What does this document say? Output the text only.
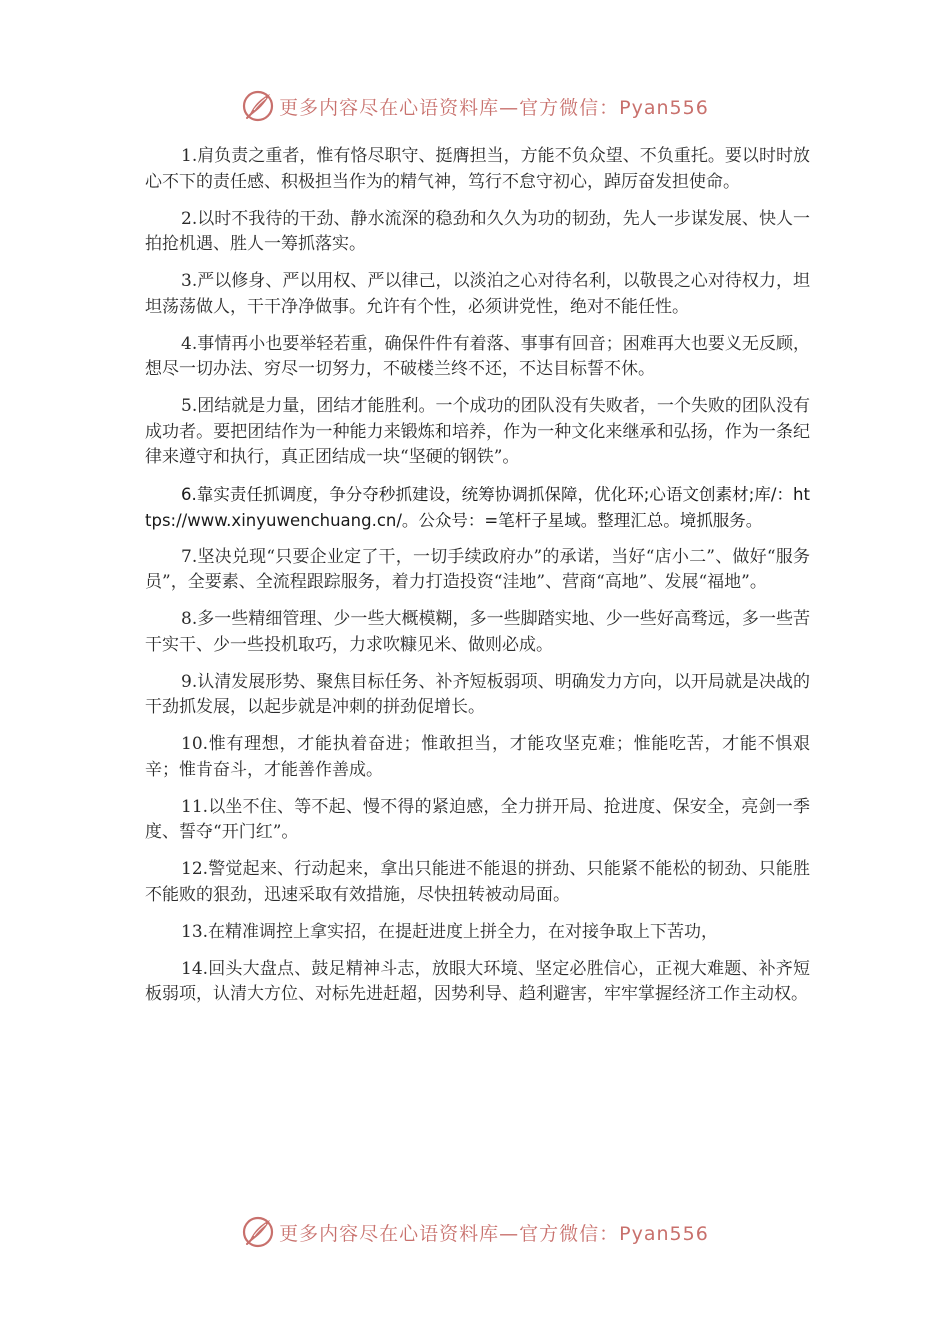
更多内容尽在心语资料库—官方微信：Pyan556

1.肩负责之重者，惟有恪尽职守、挺膺担当，方能不负众望、不负重托。要以时时放心不下的责任感、积极担当作为的精气神，笃行不怠守初心，踔厉奋发担使命。

2.以时不我待的干劲、静水流深的稳劲和久久为功的韧劲，先人一步谋发展、快人一拍抢机遇、胜人一筹抓落实。

3.严以修身、严以用权、严以律己，以淡泊之心对待名利，以敬畏之心对待权力，坦坦荡荡做人，干干净净做事。允许有个性，必须讲党性，绝对不能任性。

4.事情再小也要举轻若重，确保件件有着落、事事有回音；困难再大也要义无反顾，想尽一切办法、穷尽一切努力，不破楼兰终不还，不达目标誓不休。

5.团结就是力量，团结才能胜利。一个成功的团队没有失败者，一个失败的团队没有成功者。要把团结作为一种能力来锻炼和培养，作为一种文化来继承和弘扬，作为一条纪律来遵守和执行，真正团结成一块“坚硬的钢铁”。

6.靠实责任抓调度，争分夺秒抓建设，统筹协调抓保障，优化环;心语文创素材;库/：https://www.xinyuwenchuang.cn/。公众号：=笔杆子星域。整理汇总。境抓服务。

7.坚决兑现“只要企业定了干，一切手续政府办”的承诺，当好“店小二”、做好“服务员”，全要素、全流程跟踪服务，着力打造投资“洼地”、营商“高地”、发展“福地”。

8.多一些精细管理、少一些大概模糊，多一些脚踏实地、少一些好高骛远，多一些苦干实干、少一些投机取巧，力求吹糠见米、做则必成。

9.认清发展形势、聚焦目标任务、补齐短板弱项、明确发力方向，以开局就是决战的干劲抓发展，以起步就是冲刺的拼劲促增长。

10.惟有理想，才能执着奋进；惟敢担当，才能攻坚克难；惟能吃苦，才能不惧艰辛；惟肯奋斗，才能善作善成。

11.以坐不住、等不起、慢不得的紧迫感，全力拼开局、抢进度、保安全，亮剑一季度、誓夺“开门红”。

12.警觉起来、行动起来，拿出只能进不能退的拼劲、只能紧不能松的韧劲、只能胜不能败的狠劲，迅速采取有效措施，尽快扭转被动局面。

13.在精准调控上拿实招，在提赶进度上拼全力，在对接争取上下苦功，

14.回头大盘点、鼓足精神斗志，放眼大环境、坚定必胜信心，正视大难题、补齐短板弱项，认清大方位、对标先进赶超，因势利导、趋利避害，牢牢掌握经济工作主动权。

更多内容尽在心语资料库—官方微信：Pyan556
